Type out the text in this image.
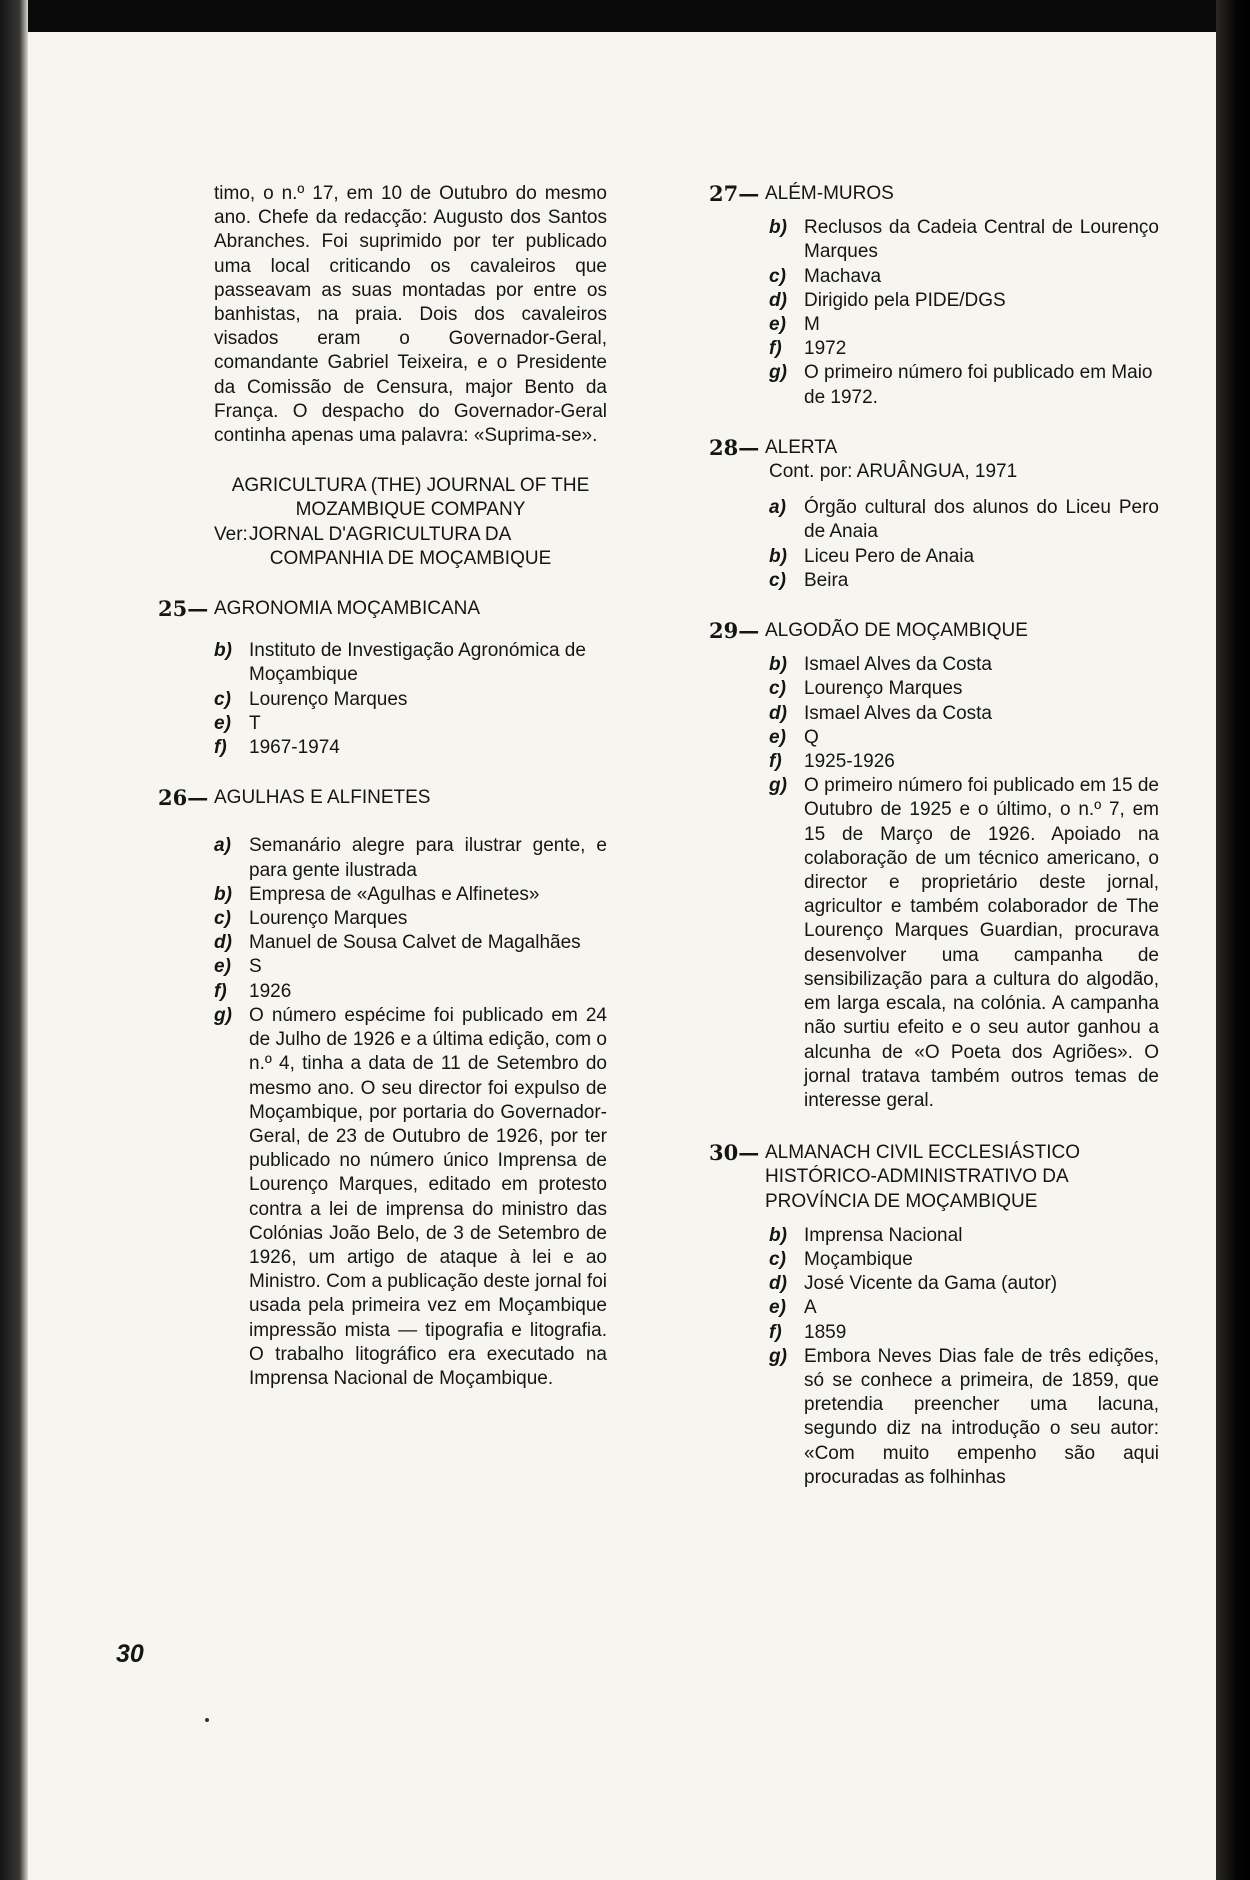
timo, o n.º 17, em 10 de Outubro do mesmo ano. Chefe da redacção: Augusto dos Santos Abranches. Foi suprimido por ter publicado uma local criticando os cavaleiros que passeavam as suas montadas por entre os banhistas, na praia. Dois dos cavaleiros visados eram o Governador-Geral, comandante Gabriel Teixeira, e o Presidente da Comissão de Censura, major Bento da França. O despacho do Governador-Geral continha apenas uma palavra: «Suprima-se».

AGRICULTURA (THE) JOURNAL OF THE
MOZAMBIQUE COMPANY
Ver: JORNAL D'AGRICULTURA DA
COMPANHIA DE MOÇAMBIQUE
25— AGRONOMIA MOÇAMBICANA
b) Instituto de Investigação Agronómica de Moçambique
c) Lourenço Marques
e) T
f)	1967-1974
26— AGULHAS E ALFINETES
a) Semanário alegre para ilustrar gente, e para gente ilustrada
b) Empresa de «Agulhas e Alfinetes»
c) Lourenço Marques
d) Manuel de Sousa Calvet de Magalhães
e) S
f)	1926
g) O número espécime foi publicado em 24 de Julho de 1926 e a última edição, com o n.º 4, tinha a data de 11 de Setembro do mesmo ano. O seu director foi expulso de Moçambique, por portaria do Governador-Geral, de 23 de Outubro de 1926, por ter publicado no número único Imprensa de Lourenço Marques, editado em protesto contra a lei de imprensa do ministro das Colónias João Belo, de 3 de Setembro de 1926, um artigo de ataque à lei e ao Ministro. Com a publicação deste jornal foi usada pela primeira vez em Moçambique impressão mista — tipografia e litografia. O trabalho litográfico era executado na Imprensa Nacional de Moçambique.
27— ALÉM-MUROS
b) Reclusos da Cadeia Central de Lourenço Marques
c) Machava
d) Dirigido pela PIDE/DGS
e) M
f)	1972
g) O primeiro número foi publicado em Maio de 1972.
28— ALERTA
Cont. por: ARUÂNGUA, 1971
a) Órgão cultural dos alunos do Liceu Pero de Anaia
b) Liceu Pero de Anaia
c) Beira
29— ALGODÃO DE MOÇAMBIQUE
b) Ismael Alves da Costa
c) Lourenço Marques
d) Ismael Alves da Costa
e) Q
f)	1925-1926
g) O primeiro número foi publicado em 15 de Outubro de 1925 e o último, o n.º 7, em 15 de Março de 1926. Apoiado na colaboração de um técnico americano, o director e proprietário deste jornal, agricultor e também colaborador de The Lourenço Marques Guardian, procurava desenvolver uma campanha de sensibilização para a cultura do algodão, em larga escala, na colónia. A campanha não surtiu efeito e o seu autor ganhou a alcunha de «O Poeta dos Agriões». O jornal tratava também outros temas de interesse geral.
30— ALMANACH CIVIL ECCLESIÁSTICO HISTÓRICO-ADMINISTRATIVO DA PROVÍNCIA DE MOÇAMBIQUE
b) Imprensa Nacional
c) Moçambique
d) José Vicente da Gama (autor)
e) A
f)	1859
g) Embora Neves Dias fale de três edições, só se conhece a primeira, de 1859, que pretendia preencher uma lacuna, segundo diz na introdução o seu autor: «Com muito empenho são aqui procuradas as folhinhas
30
